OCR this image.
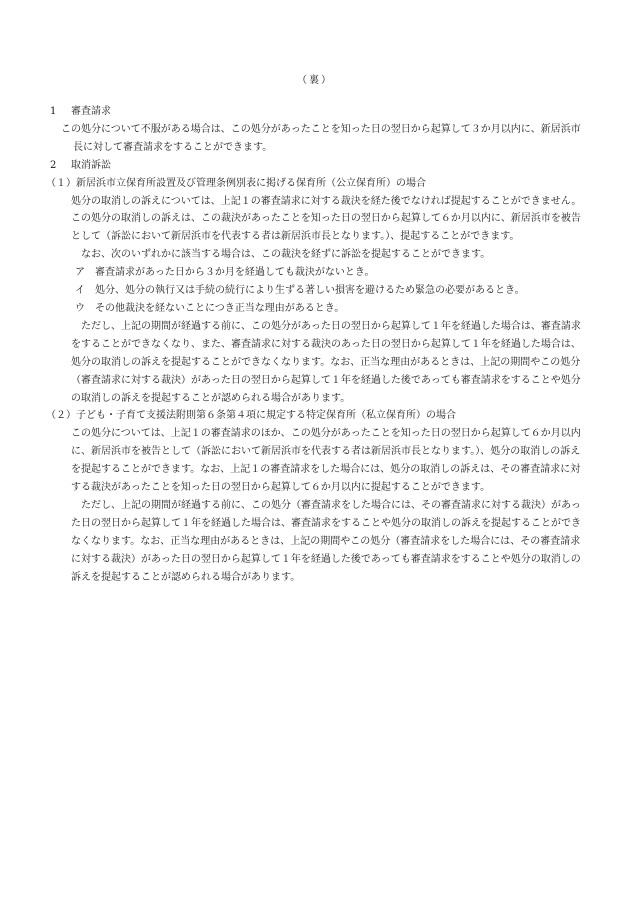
（裏）

1 審査請求

この処分について不服がある場合は、この処分があったことを知った日の翌日から起算して３か月以内に、新居浜市長に対して審査請求をすることができます。

2 取消訴訟

（１）新居浜市立保育所設置及び管理条例別表に掲げる保育所（公立保育所）の場合

処分の取消しの訴えについては、上記１の審査請求に対する裁決を経た後でなければ提起することができません。この処分の取消しの訴えは、この裁決があったことを知った日の翌日から起算して６か月以内に、新居浜市を被告として（訴訟において新居浜市を代表する者は新居浜市長となります。）、提起することができます。

なお、次のいずれかに該当する場合は、この裁決を経ずに訴訟を提起することができます。

ア 審査請求があった日から３か月を経過しても裁決がないとき。

イ 処分、処分の執行又は手続の続行により生ずる著しい損害を避けるため緊急の必要があるとき。

ウ その他裁決を経ないことにつき正当な理由があるとき。

ただし、上記の期間が経過する前に、この処分があった日の翌日から起算して１年を経過した場合は、審査請求をすることができなくなり、また、審査請求に対する裁決のあった日の翌日から起算して１年を経過した場合は、処分の取消しの訴えを提起することができなくなります。なお、正当な理由があるときは、上記の期間やこの処分（審査請求に対する裁決）があった日の翌日から起算して１年を経過した後であっても審査請求をすることや処分の取消しの訴えを提起することが認められる場合があります。

（２）子ども・子育て支援法附則第６条第４項に規定する特定保育所（私立保育所）の場合

この処分については、上記１の審査請求のほか、この処分があったことを知った日の翌日から起算して６か月以内に、新居浜市を被告として（訴訟において新居浜市を代表する者は新居浜市長となります。）、処分の取消しの訴えを提起することができます。なお、上記１の審査請求をした場合には、処分の取消しの訴えは、その審査請求に対する裁決があったことを知った日の翌日から起算して６か月以内に提起することができます。

ただし、上記の期間が経過する前に、この処分（審査請求をした場合には、その審査請求に対する裁決）があった日の翌日から起算して１年を経過した場合は、審査請求をすることや処分の取消しの訴えを提起することができなくなります。なお、正当な理由があるときは、上記の期間やこの処分（審査請求をした場合には、その審査請求に対する裁決）があった日の翌日から起算して１年を経過した後であっても審査請求をすることや処分の取消しの訴えを提起することが認められる場合があります。
